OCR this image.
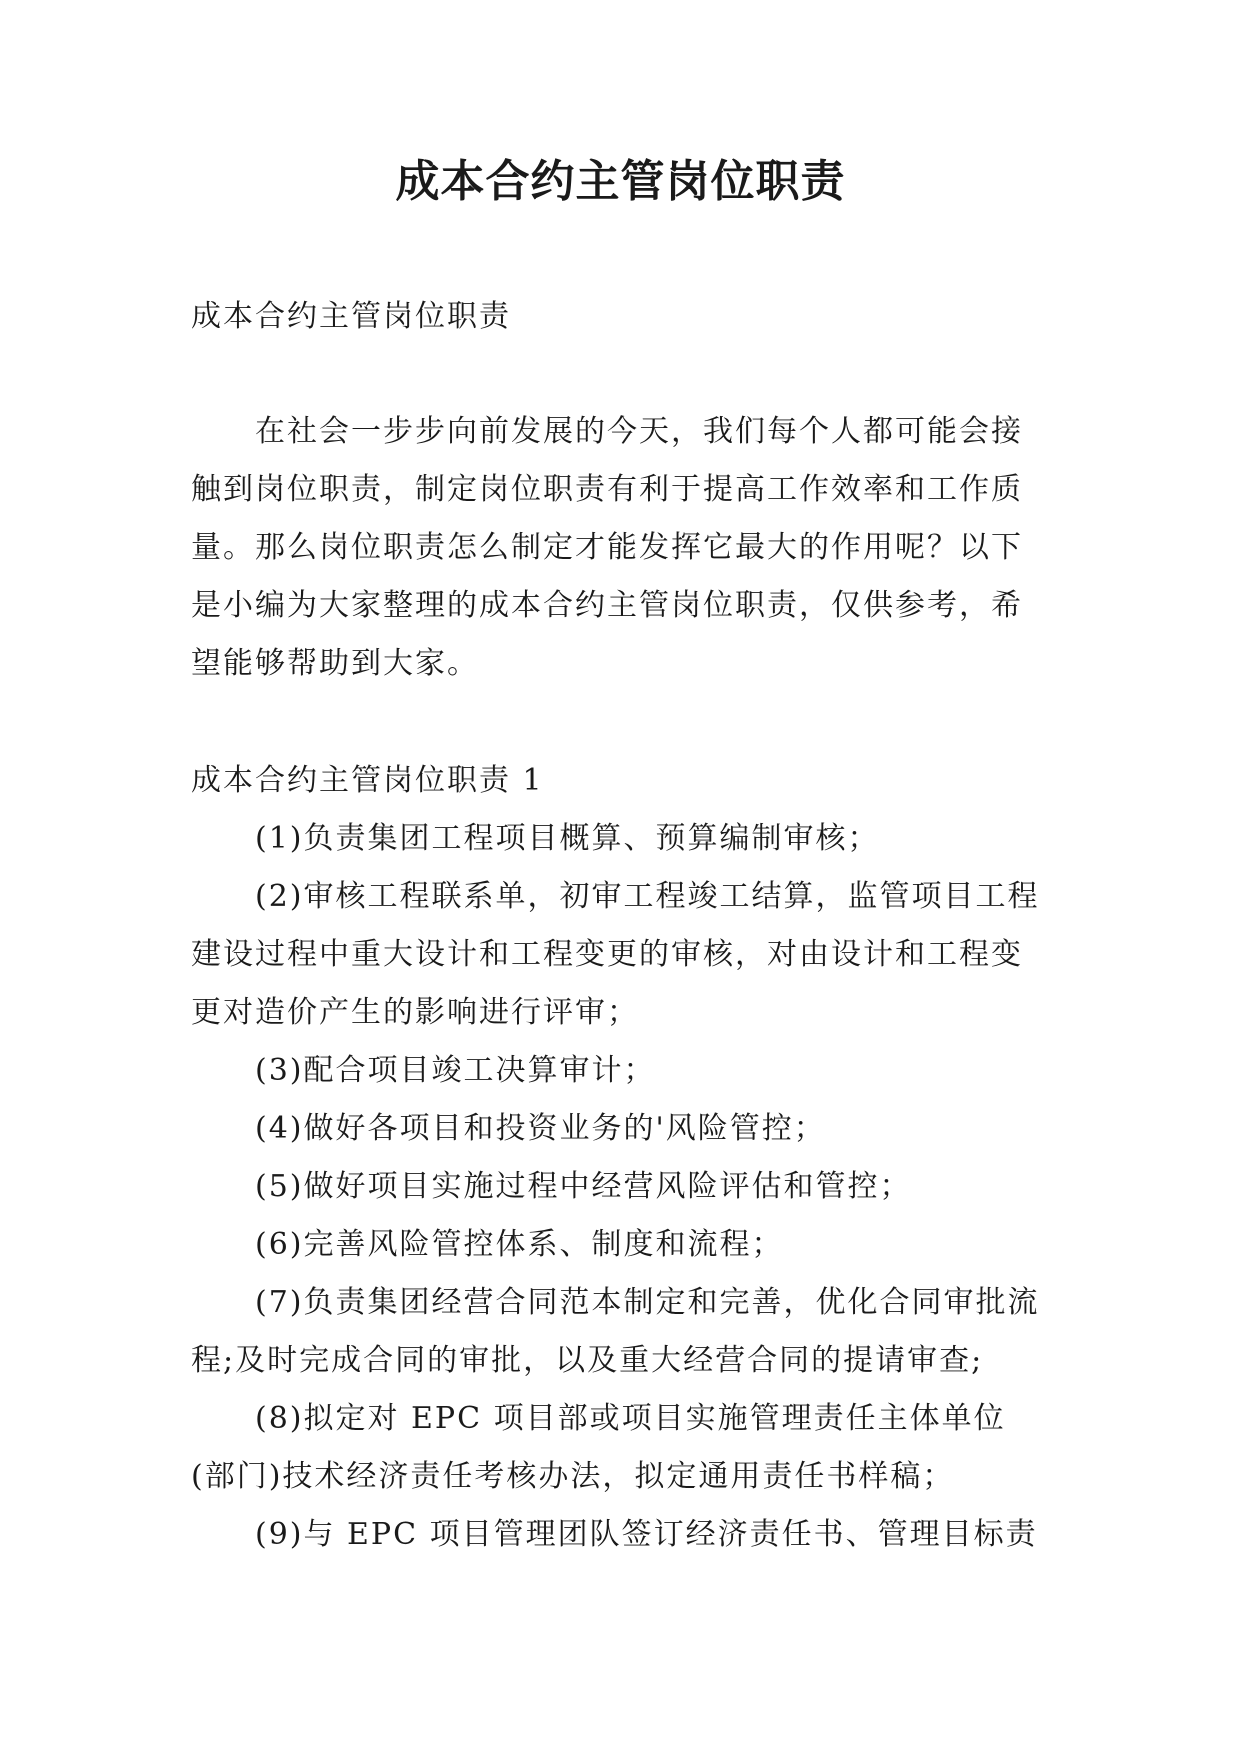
成本合约主管岗位职责

成本合约主管岗位职责

在社会一步步向前发展的今天，我们每个人都可能会接触到岗位职责，制定岗位职责有利于提高工作效率和工作质量。那么岗位职责怎么制定才能发挥它最大的作用呢？以下是小编为大家整理的成本合约主管岗位职责，仅供参考，希望能够帮助到大家。

成本合约主管岗位职责 1

(1)负责集团工程项目概算、预算编制审核；
(2)审核工程联系单，初审工程竣工结算，监管项目工程建设过程中重大设计和工程变更的审核，对由设计和工程变更对造价产生的影响进行评审；
(3)配合项目竣工决算审计；
(4)做好各项目和投资业务的'风险管控；
(5)做好项目实施过程中经营风险评估和管控；
(6)完善风险管控体系、制度和流程；
(7)负责集团经营合同范本制定和完善，优化合同审批流程;及时完成合同的审批，以及重大经营合同的提请审查;
(8)拟定对 EPC 项目部或项目实施管理责任主体单位(部门)技术经济责任考核办法，拟定通用责任书样稿；
(9)与 EPC 项目管理团队签订经济责任书、管理目标责
